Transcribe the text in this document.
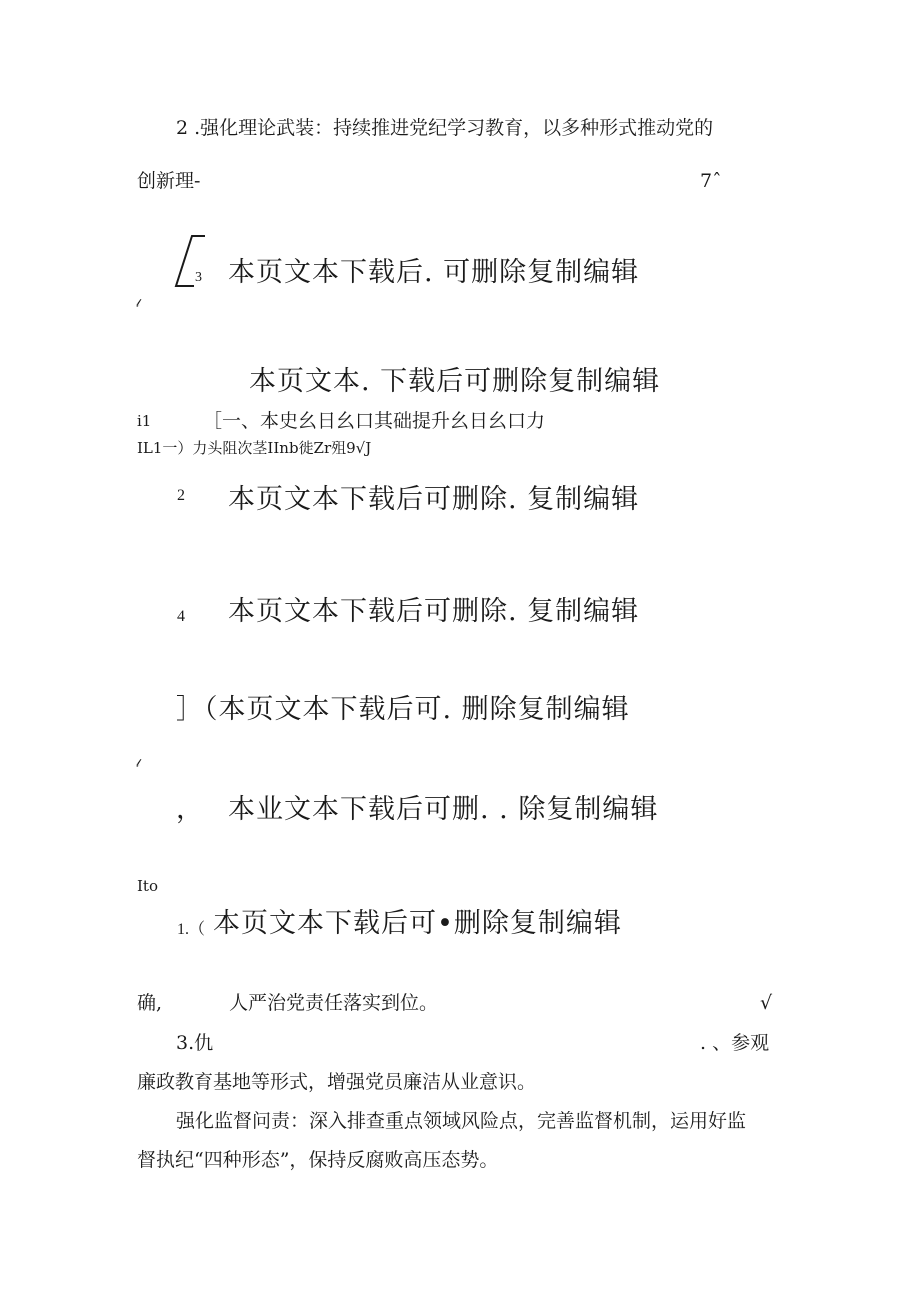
2 .强化理论武装：持续推进党纪学习教育，以多种形式推动党的
创新理-	7ˆ
3 本页文本下载后. 可删除复制编辑
𝓁
本页文本. 下载后可删除复制编辑
i1	［一、本史幺日幺口其础提升幺日幺口力
IL1一）力头阻次茎IInb徙Zr殂9√J
2 本页文本下载后可删除. 复制编辑
4 本页文本下载后可删除. 复制编辑
］（本页文本下载后可. 删除复制编辑
𝓁
， 本业文本下载后可删. . 除复制编辑
Ito
1.（ 本页文本下载后可•删除复制编辑
确,	人严治党责任落实到位。	√
3.仇	. 、参观
廉政教育基地等形式，增强党员廉洁从业意识。
强化监督问责：深入排查重点领域风险点，完善监督机制，运用好监
督执纪“四种形态”，保持反腐败高压态势。
